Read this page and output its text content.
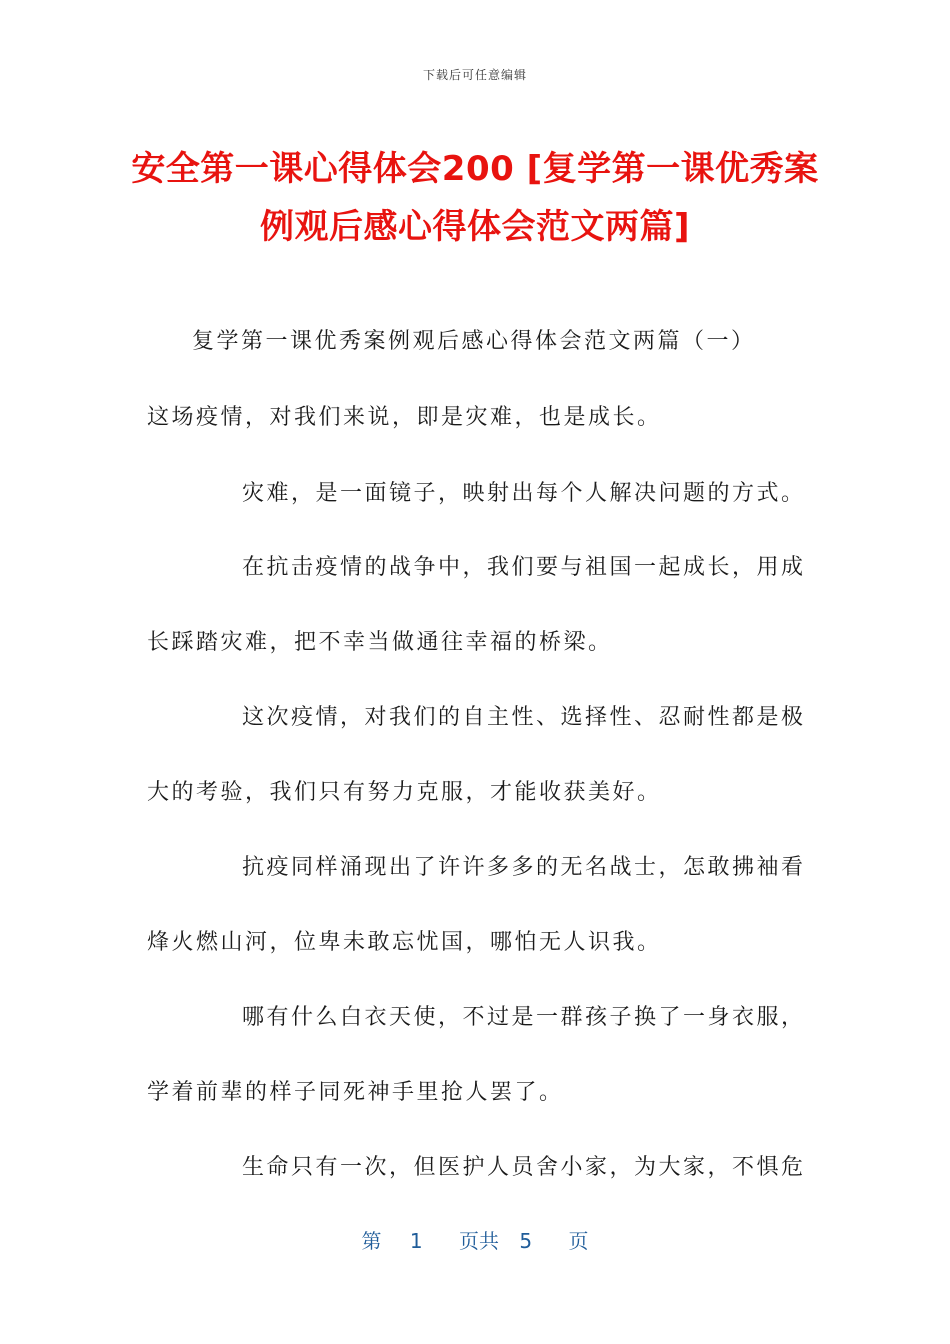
下载后可任意编辑
安全第一课心得体会200 [复学第一课优秀案
例观后感心得体会范文两篇]
复学第一课优秀案例观后感心得体会范文两篇（一）
这场疫情，对我们来说，即是灾难，也是成长。
灾难，是一面镜子，映射出每个人解决问题的方式。
在抗击疫情的战争中，我们要与祖国一起成长，用成
长踩踏灾难，把不幸当做通往幸福的桥梁。
这次疫情，对我们的自主性、选择性、忍耐性都是极
大的考验，我们只有努力克服，才能收获美好。
抗疫同样涌现出了许许多多的无名战士，怎敢拂袖看
烽火燃山河，位卑未敢忘忧国，哪怕无人识我。
哪有什么白衣天使，不过是一群孩子换了一身衣服，
学着前辈的样子同死神手里抢人罢了。
生命只有一次，但医护人员舍小家，为大家，不惧危
第 1 页共 5 页
